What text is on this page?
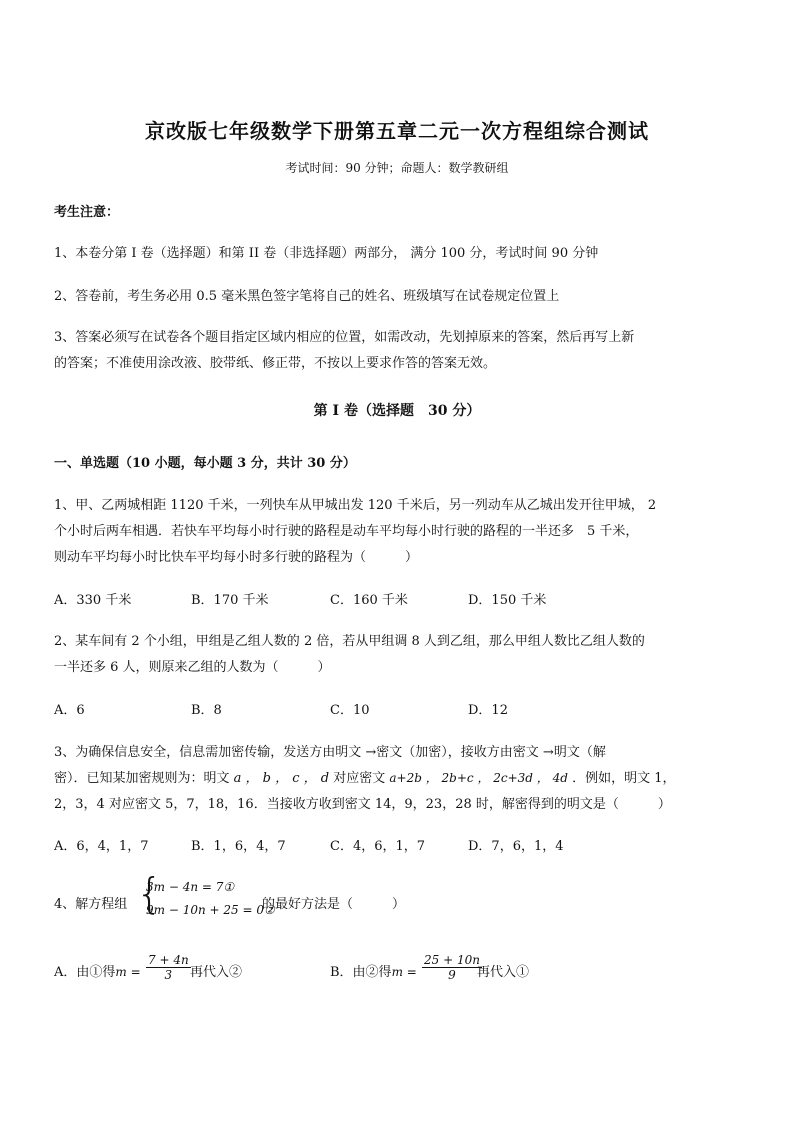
京改版七年级数学下册第五章二元一次方程组综合测试
考试时间：90 分钟；命题人：数学教研组
考生注意：
1、本卷分第 I 卷（选择题）和第 II 卷（非选择题）两部分， 满分 100 分，考试时间 90 分钟
2、答卷前，考生务必用 0.5 毫米黑色签字笔将自己的姓名、班级填写在试卷规定位置上
3、答案必须写在试卷各个题目指定区域内相应的位置，如需改动，先划掉原来的答案，然后再写上新
的答案；不准使用涂改液、胶带纸、修正带，不按以上要求作答的答案无效。
第 I 卷（选择题　30 分）
一、单选题（10 小题，每小题 3 分，共计 30 分）
1、甲、乙两城相距 1120 千米，一列快车从甲城出发 120 千米后，另一列动车从乙城出发开往甲城， 2
个小时后两车相遇．若快车平均每小时行驶的路程是动车平均每小时行驶的路程的一半还多　5 千米，
则动车平均每小时比快车平均每小时多行驶的路程为（　　　）
A．330 千米	B．170 千米	C．160 千米	D．150 千米
2、某车间有 2 个小组，甲组是乙组人数的 2 倍，若从甲组调 8 人到乙组，那么甲组人数比乙组人数的
一半还多 6 人，则原来乙组的人数为（　　　）
A．6	B．8	C．10	D．12
3、为确保信息安全，信息需加密传输，发送方由明文 →密文（加密），接收方由密文 →明文（解
密）．已知某加密规则为：明文 a ， b ， c ， d 对应密文 a+2b ， 2b+c ， 2c+3d ， 4d ．例如，明文 1，
2，3，4 对应密文 5，7，18，16．当接收方收到密文 14，9，23，28 时，解密得到的明文是（　　　）
A．6，4，1，7	B．1，6，4，7	C．4，6，1，7	D．7，6，1，4
4、解方程组 {
3m − 4n = 7①
9m − 10n + 25 = 0②
的最好方法是（　　　）
A．由①得$m = \frac{7 + 4n}{3}$ 再代入②	B．由②得$m = \frac{25 + 10n}{9}$
再代入①
